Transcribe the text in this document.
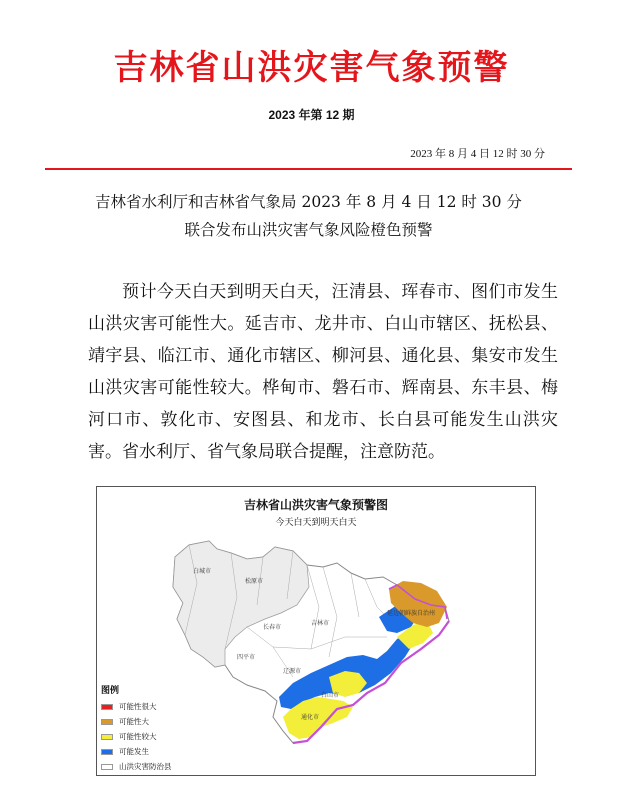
吉林省山洪灾害气象预警
2023 年第 12 期
2023 年 8 月 4 日 12 时 30 分
吉林省水利厅和吉林省气象局 2023 年 8 月 4 日 12 时 30 分
联合发布山洪灾害气象风险橙色预警
预计今天白天到明天白天，汪清县、珲春市、图们市发生山洪灾害可能性大。延吉市、龙井市、白山市辖区、抚松县、靖宇县、临江市、通化市辖区、柳河县、通化县、集安市发生山洪灾害可能性较大。桦甸市、磐石市、辉南县、东丰县、梅河口市、敦化市、安图县、和龙市、长白县可能发生山洪灾害。省水利厅、省气象局联合提醒，注意防范。
吉林省山洪灾害气象预警图
今天白天到明天白天
白城市
松原市
长春市
吉林市
四平市
辽源市
通化市
白山市
延边朝鲜族自治州
图例
可能性很大
可能性大
可能性较大
可能发生
山洪灾害防治县
